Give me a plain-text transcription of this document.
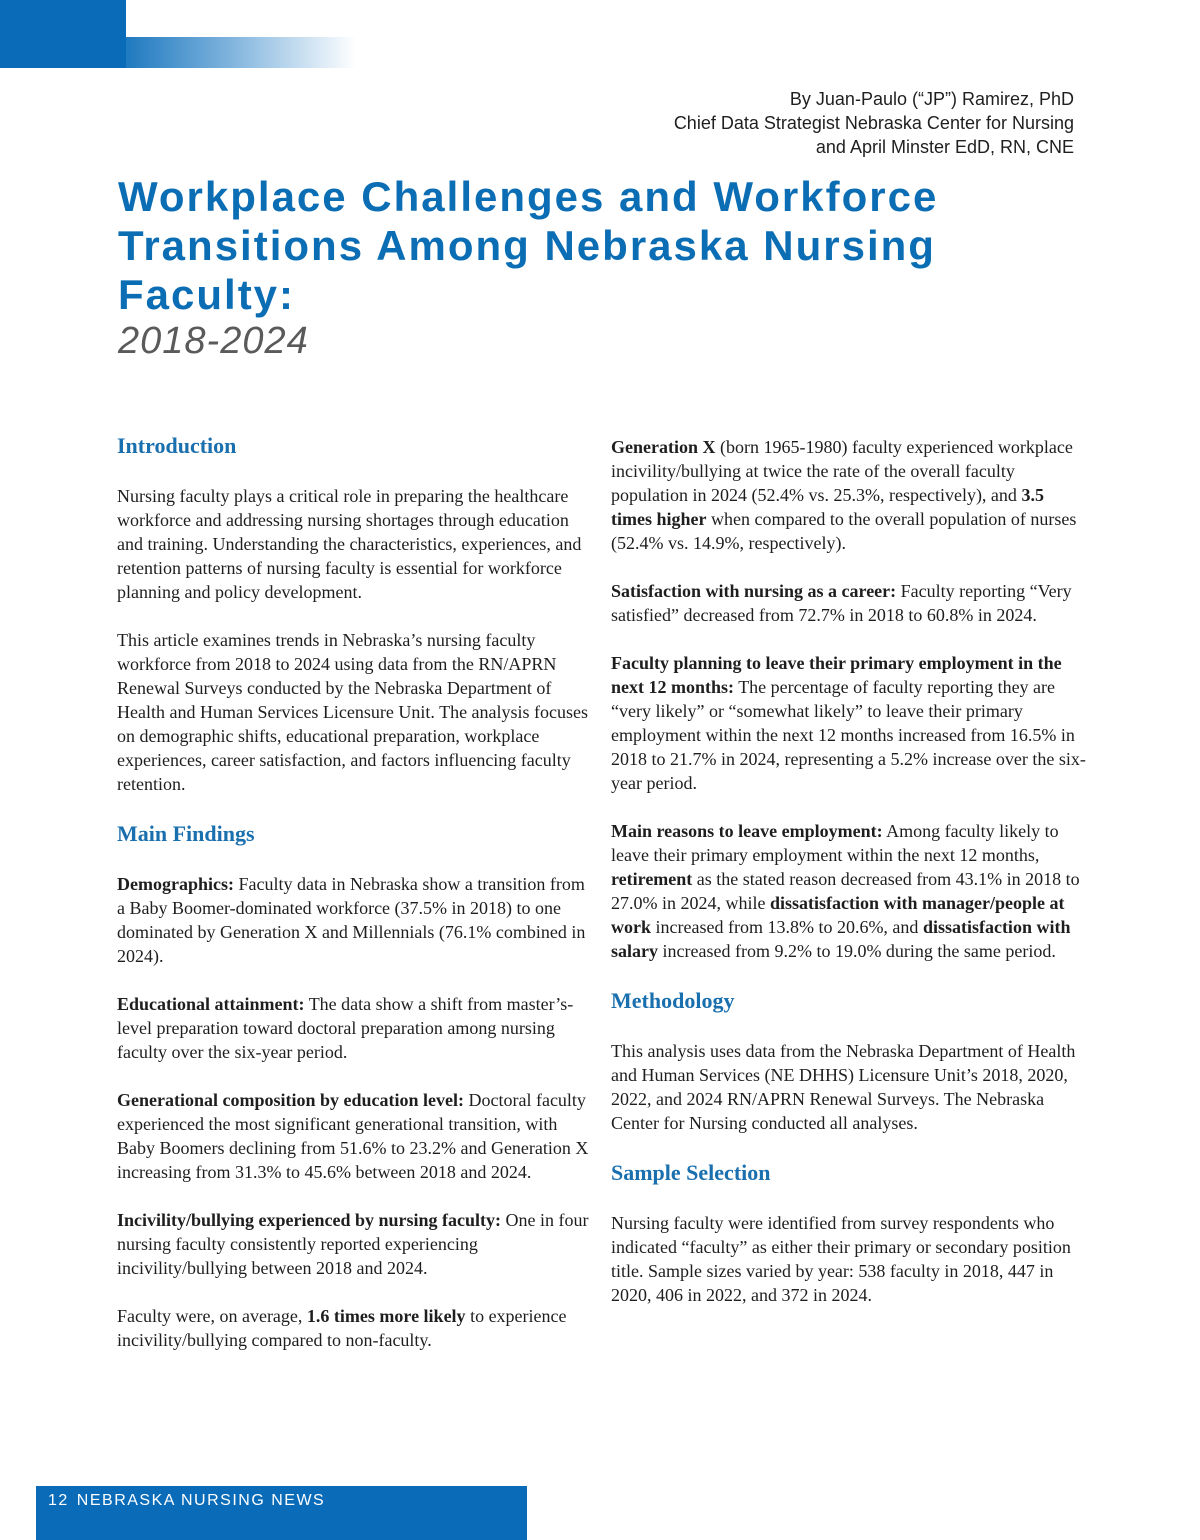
By Juan-Paulo (“JP”) Ramirez, PhD
Chief Data Strategist Nebraska Center for Nursing
and April Minster EdD, RN, CNE
Workplace Challenges and Workforce Transitions Among Nebraska Nursing Faculty:
2018-2024
Introduction

Nursing faculty plays a critical role in preparing the healthcare workforce and addressing nursing shortages through education and training. Understanding the characteristics, experiences, and retention patterns of nursing faculty is essential for workforce planning and policy development.

This article examines trends in Nebraska’s nursing faculty workforce from 2018 to 2024 using data from the RN/APRN Renewal Surveys conducted by the Nebraska Department of Health and Human Services Licensure Unit. The analysis focuses on demographic shifts, educational preparation, workplace experiences, career satisfaction, and factors influencing faculty retention.

Main Findings

Demographics: Faculty data in Nebraska show a transition from a Baby Boomer-dominated workforce (37.5% in 2018) to one dominated by Generation X and Millennials (76.1% combined in 2024).

Educational attainment: The data show a shift from master’s-level preparation toward doctoral preparation among nursing faculty over the six-year period.

Generational composition by education level: Doctoral faculty experienced the most significant generational transition, with Baby Boomers declining from 51.6% to 23.2% and Generation X increasing from 31.3% to 45.6% between 2018 and 2024.

Incivility/bullying experienced by nursing faculty: One in four nursing faculty consistently reported experiencing incivility/bullying between 2018 and 2024.

Faculty were, on average, 1.6 times more likely to experience incivility/bullying compared to non-faculty.

Generation X (born 1965-1980) faculty experienced workplace incivility/bullying at twice the rate of the overall faculty population in 2024 (52.4% vs. 25.3%, respectively), and 3.5 times higher when compared to the overall population of nurses (52.4% vs. 14.9%, respectively).

Satisfaction with nursing as a career: Faculty reporting “Very satisfied” decreased from 72.7% in 2018 to 60.8% in 2024.

Faculty planning to leave their primary employment in the next 12 months: The percentage of faculty reporting they are “very likely” or “somewhat likely” to leave their primary employment within the next 12 months increased from 16.5% in 2018 to 21.7% in 2024, representing a 5.2% increase over the six-year period.

Main reasons to leave employment: Among faculty likely to leave their primary employment within the next 12 months, retirement as the stated reason decreased from 43.1% in 2018 to 27.0% in 2024, while dissatisfaction with manager/people at work increased from 13.8% to 20.6%, and dissatisfaction with salary increased from 9.2% to 19.0% during the same period.

Methodology

This analysis uses data from the Nebraska Department of Health and Human Services (NE DHHS) Licensure Unit’s 2018, 2020, 2022, and 2024 RN/APRN Renewal Surveys. The Nebraska Center for Nursing conducted all analyses.

Sample Selection

Nursing faculty were identified from survey respondents who indicated “faculty” as either their primary or secondary position title. Sample sizes varied by year: 538 faculty in 2018, 447 in 2020, 406 in 2022, and 372 in 2024.

12 NEBRASKA NURSING NEWS
